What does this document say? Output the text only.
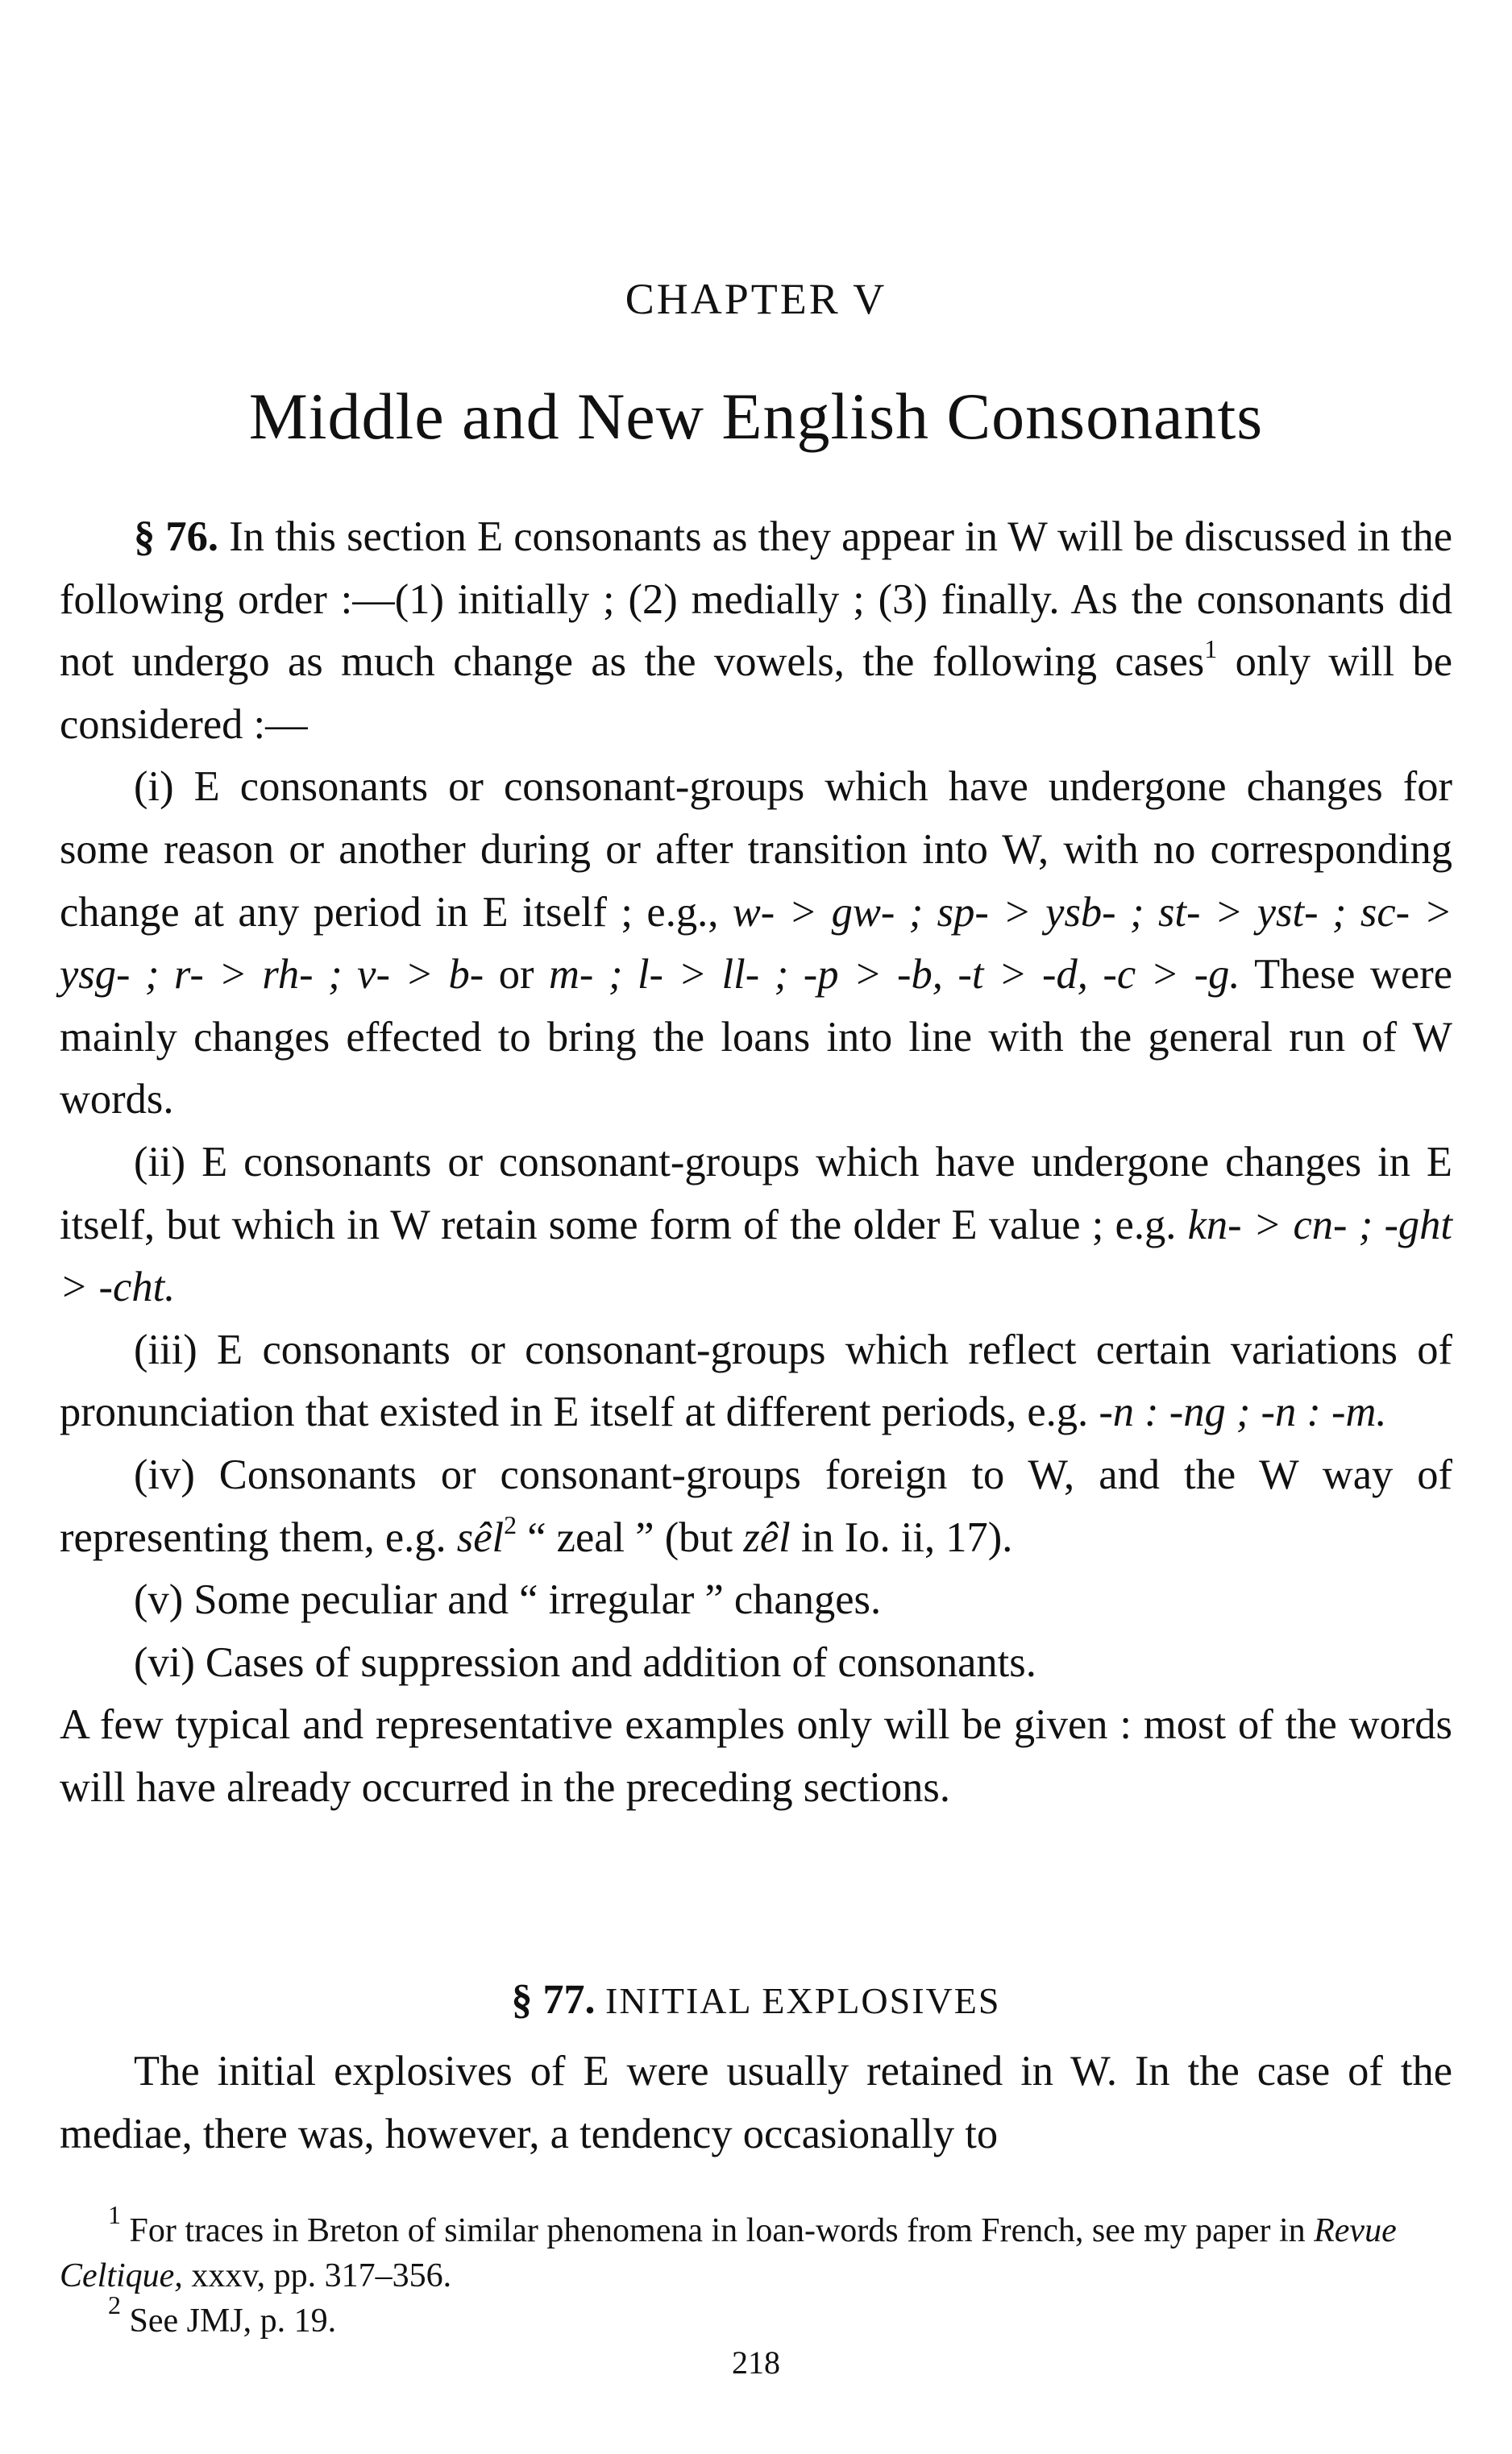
CHAPTER V
Middle and New English Consonants

§ 76. In this section E consonants as they appear in W will be discussed in the following order :—(1) initially ; (2) medially ; (3) finally. As the consonants did not undergo as much change as the vowels, the following cases$^1$ only will be considered :—

(i) E consonants or consonant-groups which have undergone changes for some reason or another during or after transition into W, with no corresponding change at any period in E itself ; e.g., w- > gw- ; sp- > ysb- ; st- > yst- ; sc- > ysg- ; r- > rh- ; v- > b- or m- ; l- > ll- ; -p > -b, -t > -d, -c > -g. These were mainly changes effected to bring the loans into line with the general run of W words.

(ii) E consonants or consonant-groups which have undergone changes in E itself, but which in W retain some form of the older E value ; e.g. kn- > cn- ; -ght > -cht.

(iii) E consonants or consonant-groups which reflect certain variations of pronunciation that existed in E itself at different periods, e.g. -n : -ng ; -n : -m.

(iv) Consonants or consonant-groups foreign to W, and the W way of representing them, e.g. sêl$^2$ “ zeal ” (but zêl in Io. ii, 17).

(v) Some peculiar and “ irregular ” changes.

(vi) Cases of suppression and addition of consonants.

A few typical and representative examples only will be given : most of the words will have already occurred in the preceding sections.

§ 77. INITIAL EXPLOSIVES

The initial explosives of E were usually retained in W. In the case of the mediae, there was, however, a tendency occasionally to

$^1$ For traces in Breton of similar phenomena in loan-words from French, see my paper in Revue Celtique, xxxv, pp. 317–356.

$^2$ See JMJ, p. 19.

218
